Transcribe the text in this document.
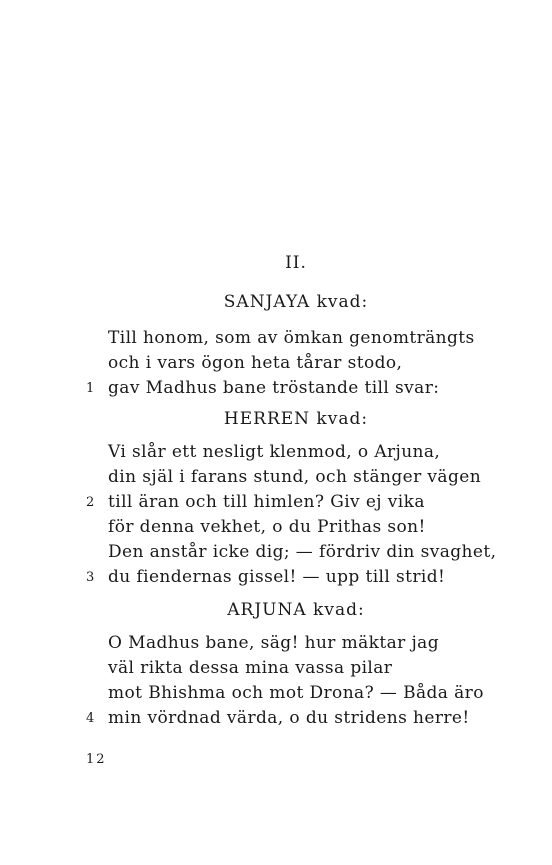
II.
SANJAYA kvad:
Till honom, som av ömkan genomträngts
och i vars ögon heta tårar stodo,
gav Madhus bane tröstande till svar:
1
HERREN kvad:
Vi slår ett nesligt klenmod, o Arjuna,
din själ i farans stund, och stänger vägen
till äran och till himlen? Giv ej vika
2
för denna vekhet, o du Prithas son!
Den anstår icke dig; — fördriv din svaghet,
du fiendernas gissel! — upp till strid!
3
ARJUNA kvad:
O Madhus bane, säg! hur mäktar jag
väl rikta dessa mina vassa pilar
mot Bhishma och mot Drona? — Båda äro
min vördnad värda, o du stridens herre!
4
12
